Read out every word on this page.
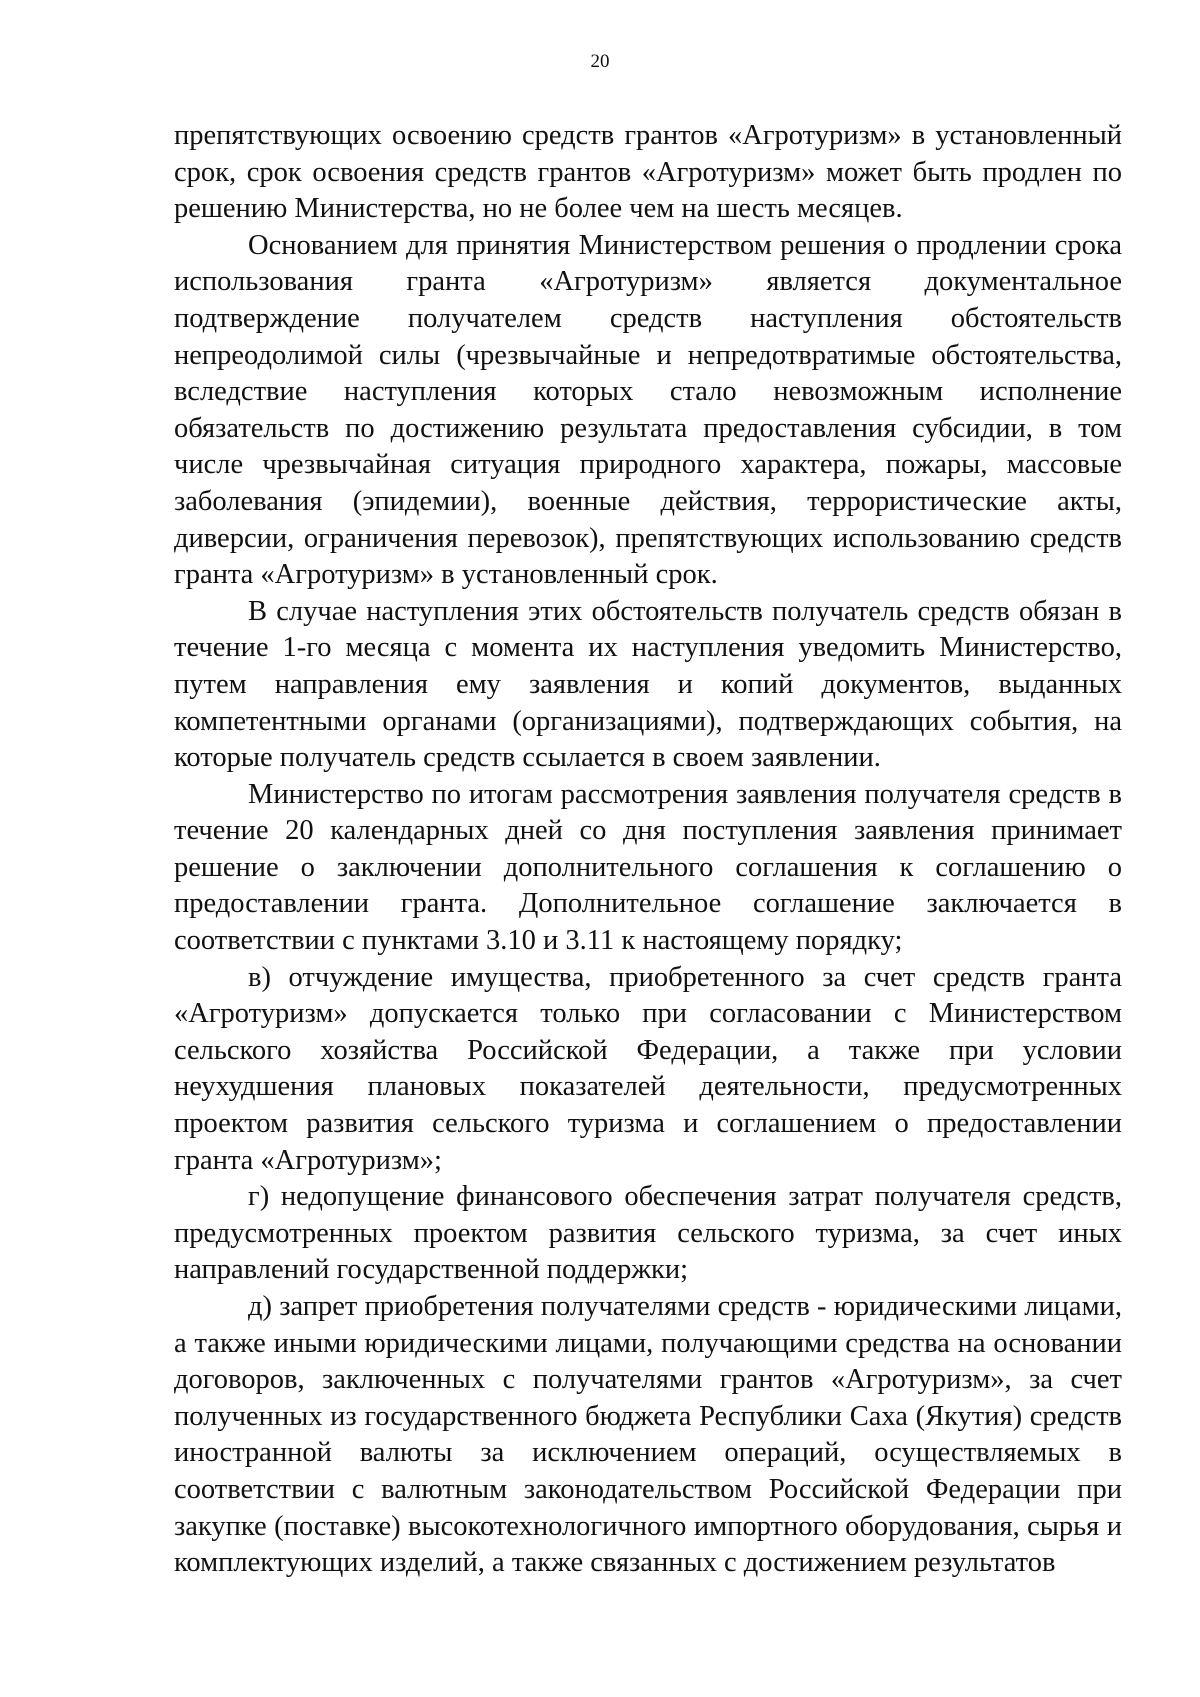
20

препятствующих освоению средств грантов «Агротуризм» в установленный срок, срок освоения средств грантов «Агротуризм» может быть продлен по решению Министерства, но не более чем на шесть месяцев.

Основанием для принятия Министерством решения о продлении срока использования гранта «Агротуризм» является документальное подтверждение получателем средств наступления обстоятельств непреодолимой силы (чрезвычайные и непредотвратимые обстоятельства, вследствие наступления которых стало невозможным исполнение обязательств по достижению результата предоставления субсидии, в том числе чрезвычайная ситуация природного характера, пожары, массовые заболевания (эпидемии), военные действия, террористические акты, диверсии, ограничения перевозок), препятствующих использованию средств гранта «Агротуризм» в установленный срок.

В случае наступления этих обстоятельств получатель средств обязан в течение 1-го месяца с момента их наступления уведомить Министерство, путем направления ему заявления и копий документов, выданных компетентными органами (организациями), подтверждающих события, на которые получатель средств ссылается в своем заявлении.

Министерство по итогам рассмотрения заявления получателя средств в течение 20 календарных дней со дня поступления заявления принимает решение о заключении дополнительного соглашения к соглашению о предоставлении гранта. Дополнительное соглашение заключается в соответствии с пунктами 3.10 и 3.11 к настоящему порядку;

в) отчуждение имущества, приобретенного за счет средств гранта «Агротуризм» допускается только при согласовании с Министерством сельского хозяйства Российской Федерации, а также при условии неухудшения плановых показателей деятельности, предусмотренных проектом развития сельского туризма и соглашением о предоставлении гранта «Агротуризм»;

г) недопущение финансового обеспечения затрат получателя средств, предусмотренных проектом развития сельского туризма, за счет иных направлений государственной поддержки;

д) запрет приобретения получателями средств - юридическими лицами, а также иными юридическими лицами, получающими средства на основании договоров, заключенных с получателями грантов «Агротуризм», за счет полученных из государственного бюджета Республики Саха (Якутия) средств иностранной валюты за исключением операций, осуществляемых в соответствии с валютным законодательством Российской Федерации при закупке (поставке) высокотехнологичного импортного оборудования, сырья и комплектующих изделий, а также связанных с достижением результатов
